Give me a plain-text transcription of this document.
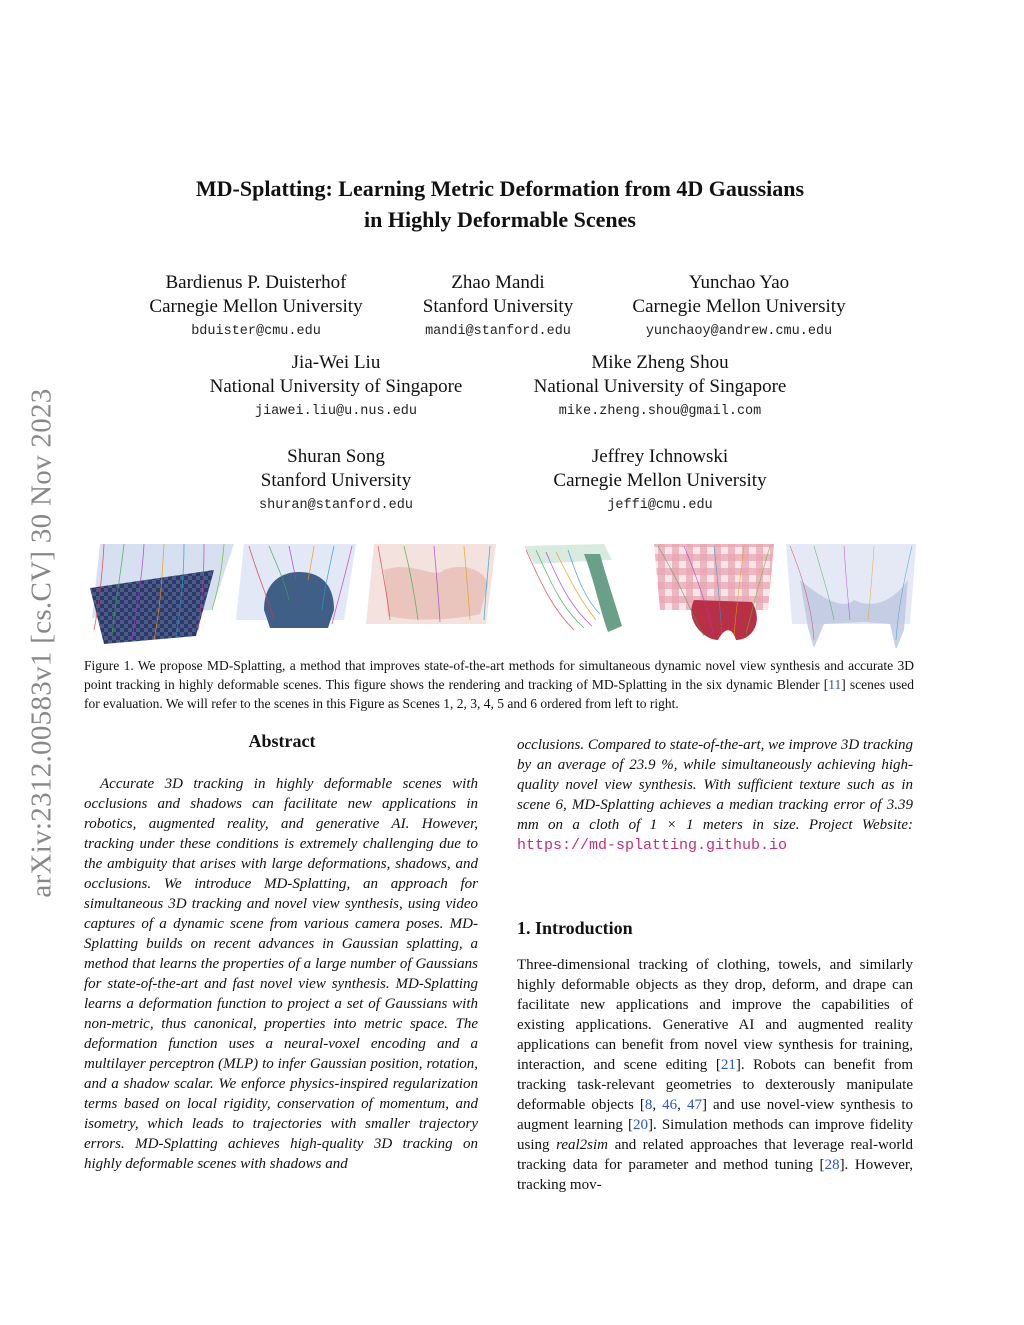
arXiv:2312.00583v1 [cs.CV] 30 Nov 2023
MD-Splatting: Learning Metric Deformation from 4D Gaussians
in Highly Deformable Scenes
Bardienus P. Duisterhof
Carnegie Mellon University
bduister@cmu.edu
Zhao Mandi
Stanford University
mandi@stanford.edu
Yunchao Yao
Carnegie Mellon University
yunchaoy@andrew.cmu.edu
Jia-Wei Liu
National University of Singapore
jiawei.liu@u.nus.edu
Mike Zheng Shou
National University of Singapore
mike.zheng.shou@gmail.com
Shuran Song
Stanford University
shuran@stanford.edu
Jeffrey Ichnowski
Carnegie Mellon University
jeffi@cmu.edu
Figure 1. We propose MD-Splatting, a method that improves state-of-the-art methods for simultaneous dynamic novel view synthesis and accurate 3D point tracking in highly deformable scenes. This figure shows the rendering and tracking of MD-Splatting in the six dynamic Blender [11] scenes used for evaluation. We will refer to the scenes in this Figure as Scenes 1, 2, 3, 4, 5 and 6 ordered from left to right.
Abstract

Accurate 3D tracking in highly deformable scenes with occlusions and shadows can facilitate new applications in robotics, augmented reality, and generative AI. However, tracking under these conditions is extremely challenging due to the ambiguity that arises with large deformations, shadows, and occlusions. We introduce MD-Splatting, an approach for simultaneous 3D tracking and novel view synthesis, using video captures of a dynamic scene from various camera poses. MD-Splatting builds on recent advances in Gaussian splatting, a method that learns the properties of a large number of Gaussians for state-of-the-art and fast novel view synthesis. MD-Splatting learns a deformation function to project a set of Gaussians with non-metric, thus canonical, properties into metric space. The deformation function uses a neural-voxel encoding and a multilayer perceptron (MLP) to infer Gaussian position, rotation, and a shadow scalar. We enforce physics-inspired regularization terms based on local rigidity, conservation of momentum, and isometry, which leads to trajectories with smaller trajectory errors. MD-Splatting achieves high-quality 3D tracking on highly deformable scenes with shadows and

occlusions. Compared to state-of-the-art, we improve 3D tracking by an average of 23.9 %, while simultaneously achieving high-quality novel view synthesis. With sufficient texture such as in scene 6, MD-Splatting achieves a median tracking error of 3.39 mm on a cloth of 1 × 1 meters in size. Project Website: https://md-splatting.github.io
1. Introduction
Three-dimensional tracking of clothing, towels, and similarly highly deformable objects as they drop, deform, and drape can facilitate new applications and improve the capabilities of existing applications. Generative AI and augmented reality applications can benefit from novel view synthesis for training, interaction, and scene editing [21]. Robots can benefit from tracking task-relevant geometries to dexterously manipulate deformable objects [8, 46, 47] and use novel-view synthesis to augment learning [20]. Simulation methods can improve fidelity using real2sim and related approaches that leverage real-world tracking data for parameter and method tuning [28]. However, tracking mov-
